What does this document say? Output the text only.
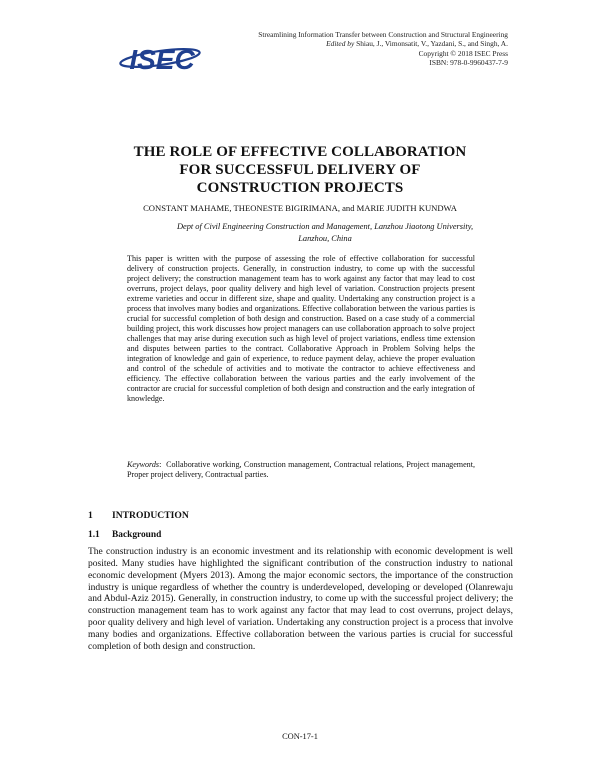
ISEC
Streamlining Information Transfer between Construction and Structural Engineering
Edited by Shiau, J., Vimonsatit, V., Yazdani, S., and Singh, A.
Copyright © 2018 ISEC Press
ISBN: 978-0-9960437-7-9
THE ROLE OF EFFECTIVE COLLABORATION
FOR SUCCESSFUL DELIVERY OF
CONSTRUCTION PROJECTS
CONSTANT MAHAME, THEONESTE BIGIRIMANA, and MARIE JUDITH KUNDWA
Dept of Civil Engineering Construction and Management, Lanzhou Jiaotong University,
Lanzhou, China
This paper is written with the purpose of assessing the role of effective collaboration for successful delivery of construction projects. Generally, in construction industry, to come up with the successful project delivery; the construction management team has to work against any factor that may lead to cost overruns, project delays, poor quality delivery and high level of variation. Construction projects present extreme varieties and occur in different size, shape and quality. Undertaking any construction project is a process that involves many bodies and organizations. Effective collaboration between the various parties is crucial for successful completion of both design and construction. Based on a case study of a commercial building project, this work discusses how project managers can use collaboration approach to solve project challenges that may arise during execution such as high level of project variations, endless time extension and disputes between parties to the contract. Collaborative Approach in Problem Solving helps the integration of knowledge and gain of experience, to reduce payment delay, achieve the proper evaluation and control of the schedule of activities and to motivate the contractor to achieve effectiveness and efficiency. The effective collaboration between the various parties and the early involvement of the contractor are crucial for successful completion of both design and construction and the early integration of knowledge.
Keywords:  Collaborative working, Construction management, Contractual relations, Project management, Proper project delivery, Contractual parties.
1 INTRODUCTION
1.1 Background
The construction industry is an economic investment and its relationship with economic development is well posited. Many studies have highlighted the significant contribution of the construction industry to national economic development (Myers 2013). Among the major economic sectors, the importance of the construction industry is unique regardless of whether the country is underdeveloped, developing or developed (Olanrewaju and Abdul-Aziz 2015). Generally, in construction industry, to come up with the successful project delivery; the construction management team has to work against any factor that may lead to cost overruns, project delays, poor quality delivery and high level of variation. Undertaking any construction project is a process that involve many bodies and organizations. Effective collaboration between the various parties is crucial for successful completion of both design and construction.
CON-17-1
